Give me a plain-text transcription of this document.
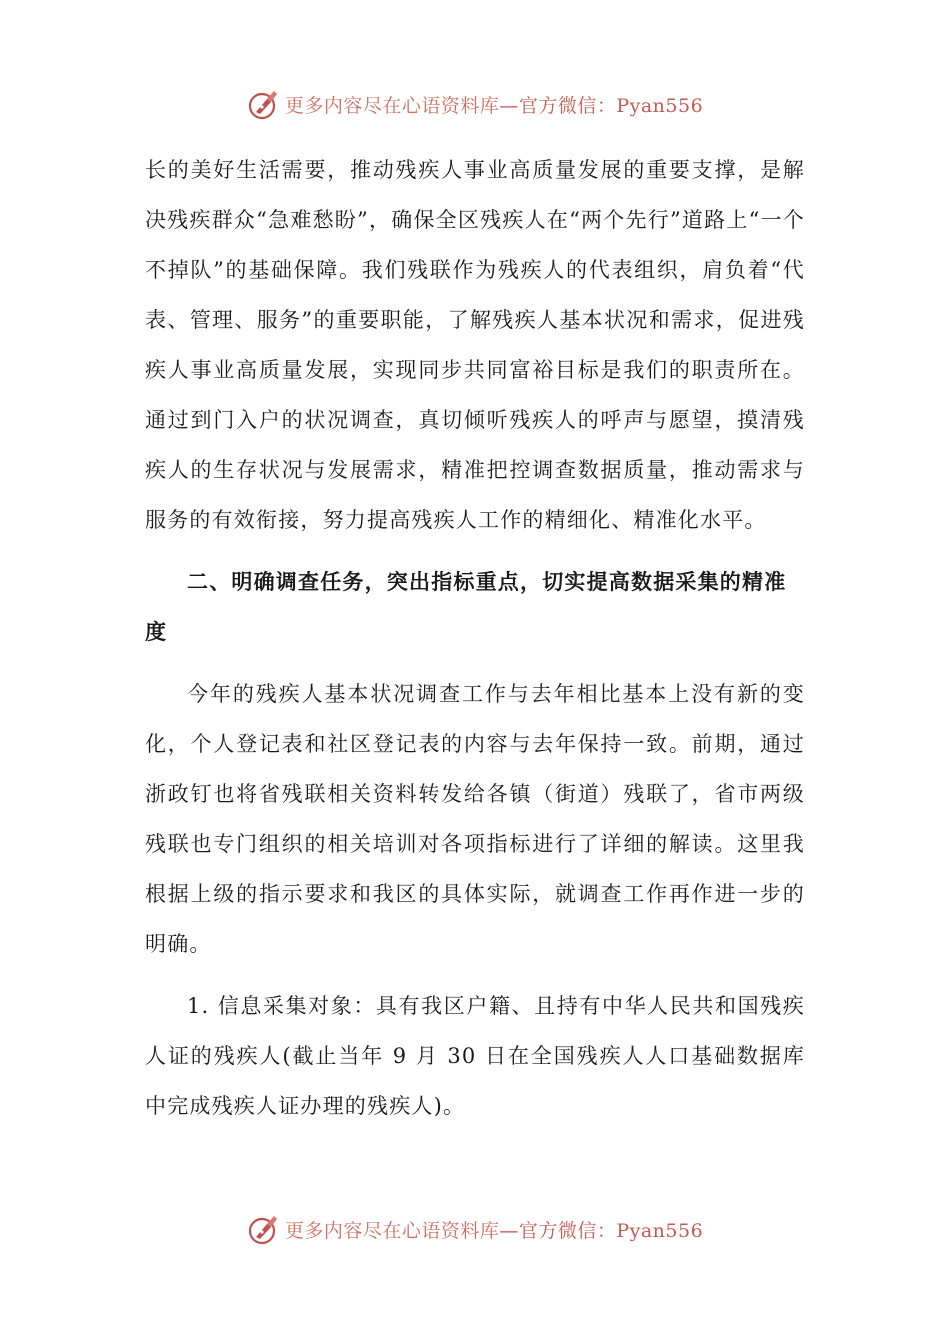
更多内容尽在心语资料库—官方微信：Pyan556

长的美好生活需要，推动残疾人事业高质量发展的重要支撑，是解决残疾群众“急难愁盼”，确保全区残疾人在“两个先行”道路上“一个不掉队”的基础保障。我们残联作为残疾人的代表组织，肩负着“代表、管理、服务”的重要职能，了解残疾人基本状况和需求，促进残疾人事业高质量发展，实现同步共同富裕目标是我们的职责所在。通过到门入户的状况调查，真切倾听残疾人的呼声与愿望，摸清残疾人的生存状况与发展需求，精准把控调查数据质量，推动需求与服务的有效衔接，努力提高残疾人工作的精细化、精准化水平。

二、明确调查任务，突出指标重点，切实提高数据采集的精准度

今年的残疾人基本状况调查工作与去年相比基本上没有新的变化，个人登记表和社区登记表的内容与去年保持一致。前期，通过浙政钉也将省残联相关资料转发给各镇（街道）残联了，省市两级残联也专门组织的相关培训对各项指标进行了详细的解读。这里我根据上级的指示要求和我区的具体实际，就调查工作再作进一步的明确。

1. 信息采集对象：具有我区户籍、且持有中华人民共和国残疾人证的残疾人(截止当年 9 月 30 日在全国残疾人人口基础数据库中完成残疾人证办理的残疾人)。

更多内容尽在心语资料库—官方微信：Pyan556
